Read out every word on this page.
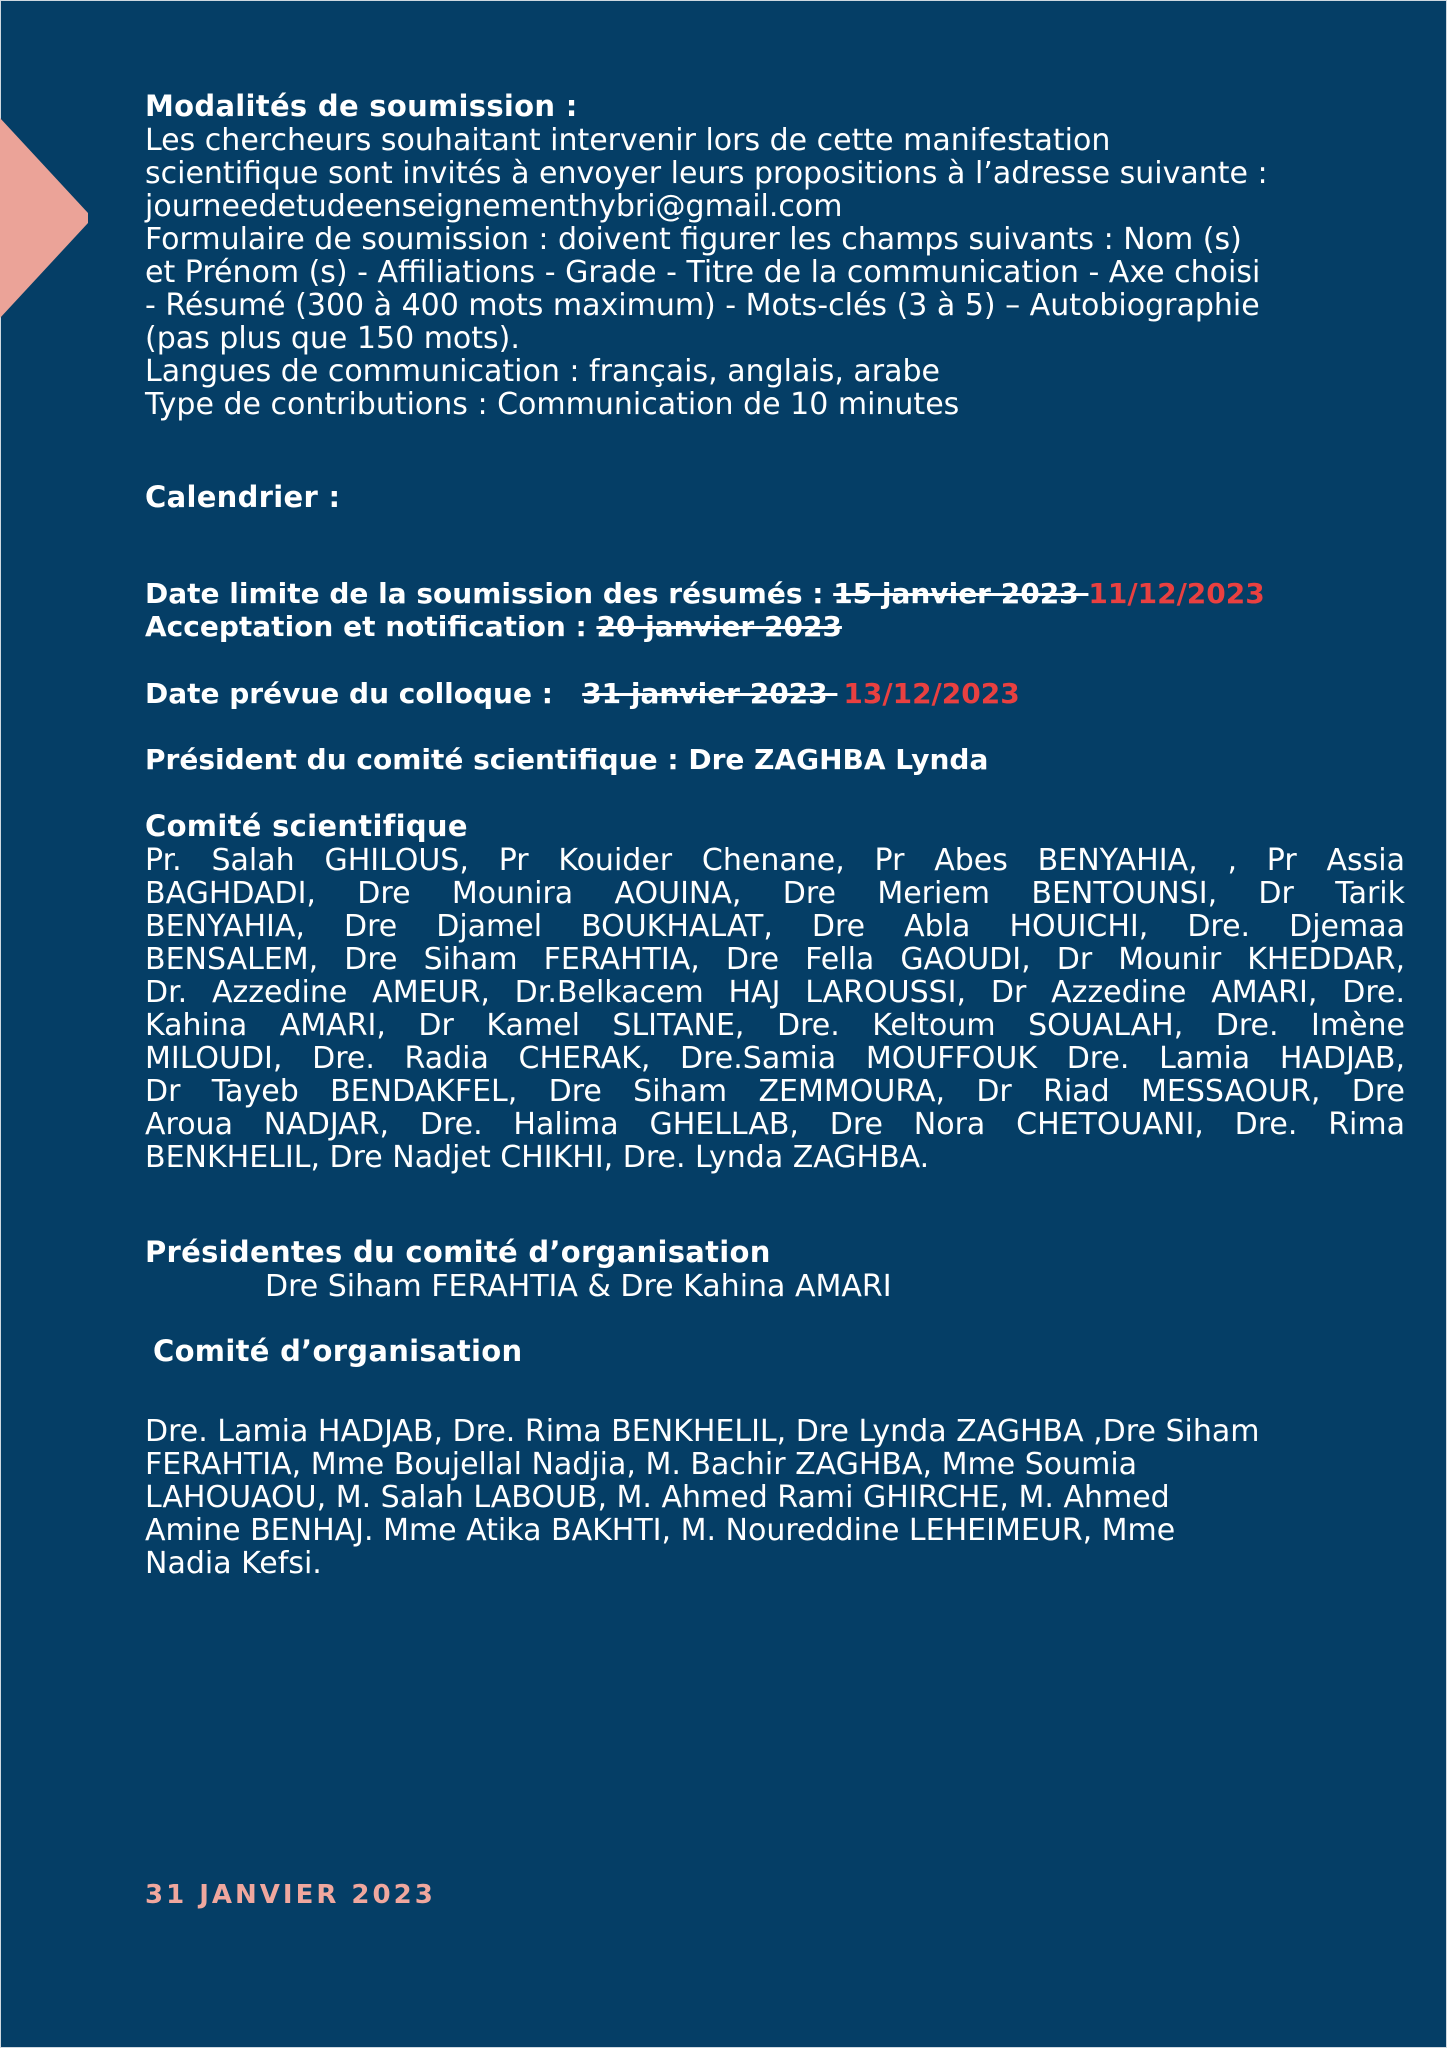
Modalités de soumission :

Les chercheurs souhaitant intervenir lors de cette manifestation
scientifique sont invités à envoyer leurs propositions à l’adresse suivante :
journeedetudeenseignementhybri@gmail.com
Formulaire de soumission : doivent figurer les champs suivants : Nom (s)
et Prénom (s) - Affiliations - Grade - Titre de la communication - Axe choisi
- Résumé (300 à 400 mots maximum) - Mots-clés (3 à 5) – Autobiographie
(pas plus que 150 mots).
Langues de communication : français, anglais, arabe
Type de contributions : Communication de 10 minutes

Calendrier :

Date limite de la soumission des résumés : 15 janvier 2023 11/12/2023

Acceptation et notification : 20 janvier 2023

Date prévue du colloque :   31 janvier 2023 13/12/2023

Président du comité scientifique : Dre ZAGHBA Lynda

Comité scientifique

Pr. Salah GHILOUS, Pr Kouider Chenane, Pr Abes BENYAHIA, , Pr Assia
BAGHDADI, Dre Mounira AOUINA, Dre Meriem BENTOUNSI, Dr Tarik
BENYAHIA, Dre Djamel BOUKHALAT, Dre Abla HOUICHI, Dre. Djemaa
BENSALEM, Dre Siham FERAHTIA, Dre Fella GAOUDI, Dr Mounir KHEDDAR,
Dr. Azzedine AMEUR, Dr.Belkacem HAJ LAROUSSI, Dr Azzedine AMARI, Dre.
Kahina AMARI, Dr Kamel SLITANE, Dre. Keltoum SOUALAH, Dre. Imène
MILOUDI, Dre. Radia CHERAK, Dre.Samia MOUFFOUK Dre. Lamia HADJAB,
Dr Tayeb BENDAKFEL, Dre Siham ZEMMOURA, Dr Riad MESSAOUR, Dre
Aroua NADJAR, Dre. Halima GHELLAB, Dre Nora CHETOUANI, Dre. Rima
BENKHELIL, Dre Nadjet CHIKHI, Dre. Lynda ZAGHBA.

Présidentes du comité d’organisation

Dre Siham FERAHTIA & Dre Kahina AMARI

Comité d’organisation

Dre. Lamia HADJAB, Dre. Rima BENKHELIL, Dre Lynda ZAGHBA ,Dre Siham
FERAHTIA, Mme Boujellal Nadjia, M. Bachir ZAGHBA, Mme Soumia
LAHOUAOU, M. Salah LABOUB, M. Ahmed Rami GHIRCHE, M. Ahmed
Amine BENHAJ. Mme Atika BAKHTI, M. Noureddine LEHEIMEUR, Mme
Nadia Kefsi.
31 JANVIER 2023
